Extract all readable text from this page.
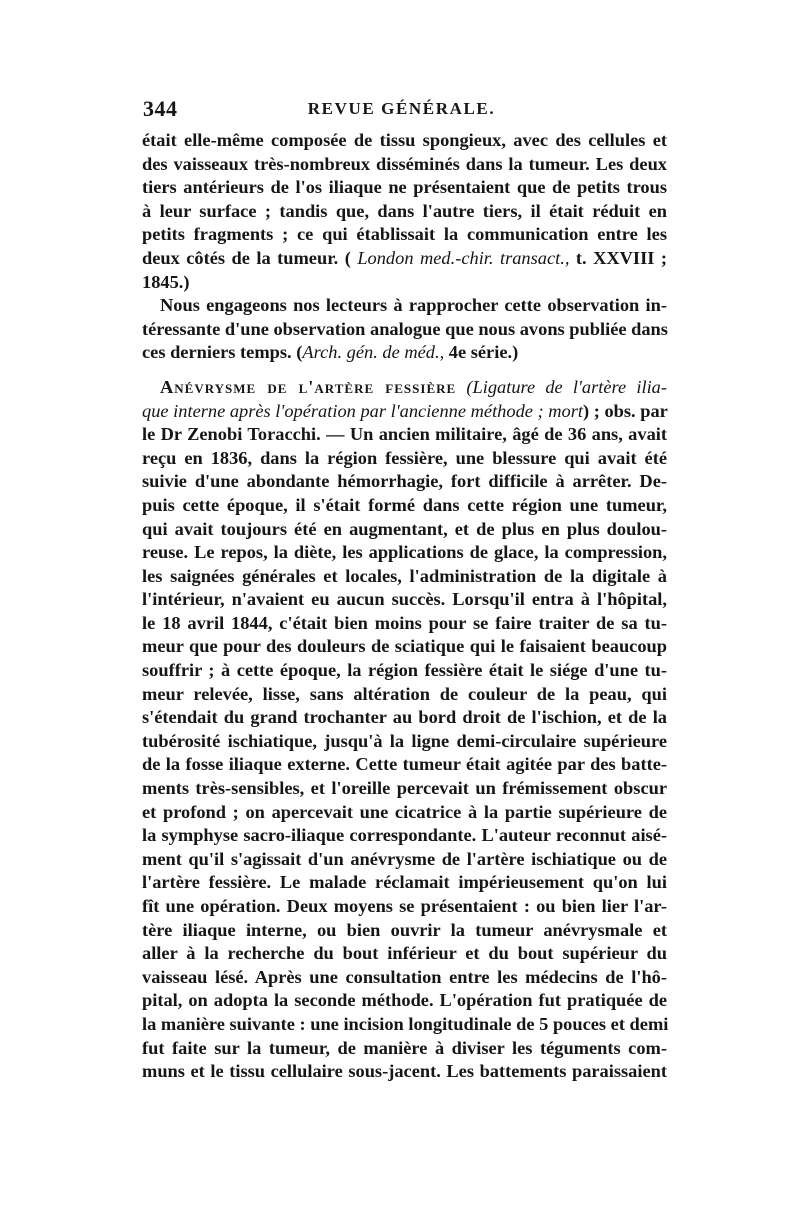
344	REVUE GÉNÉRALE.
était elle-même composée de tissu spongieux, avec des cellules et
des vaisseaux très-nombreux disséminés dans la tumeur. Les deux
tiers antérieurs de l'os iliaque ne présentaient que de petits trous
à leur surface ; tandis que, dans l'autre tiers, il était réduit en
petits fragments ; ce qui établissait la communication entre les
deux côtés de la tumeur. ( London med.-chir. transact., t. XXVIII ;
1845.)
Nous engageons nos lecteurs à rapprocher cette observation in-
téressante d'une observation analogue que nous avons publiée dans
ces derniers temps. (Arch. gén. de méd., 4e série.)
Anévrysme de l'artère fessière (Ligature de l'artère ilia-
que interne après l'opération par l'ancienne méthode ; mort) ; obs. par
le Dr Zenobi Toracchi. — Un ancien militaire, âgé de 36 ans, avait
reçu en 1836, dans la région fessière, une blessure qui avait été
suivie d'une abondante hémorrhagie, fort difficile à arrêter. De-
puis cette époque, il s'était formé dans cette région une tumeur,
qui avait toujours été en augmentant, et de plus en plus doulou-
reuse. Le repos, la diète, les applications de glace, la compression,
les saignées générales et locales, l'administration de la digitale à
l'intérieur, n'avaient eu aucun succès. Lorsqu'il entra à l'hôpital,
le 18 avril 1844, c'était bien moins pour se faire traiter de sa tu-
meur que pour des douleurs de sciatique qui le faisaient beaucoup
souffrir ; à cette époque, la région fessière était le siége d'une tu-
meur relevée, lisse, sans altération de couleur de la peau, qui
s'étendait du grand trochanter au bord droit de l'ischion, et de la
tubérosité ischiatique, jusqu'à la ligne demi-circulaire supérieure
de la fosse iliaque externe. Cette tumeur était agitée par des batte-
ments très-sensibles, et l'oreille percevait un frémissement obscur
et profond ; on apercevait une cicatrice à la partie supérieure de
la symphyse sacro-iliaque correspondante. L'auteur reconnut aisé-
ment qu'il s'agissait d'un anévrysme de l'artère ischiatique ou de
l'artère fessière. Le malade réclamait impérieusement qu'on lui
fît une opération. Deux moyens se présentaient : ou bien lier l'ar-
tère iliaque interne, ou bien ouvrir la tumeur anévrysmale et
aller à la recherche du bout inférieur et du bout supérieur du
vaisseau lésé. Après une consultation entre les médecins de l'hô-
pital, on adopta la seconde méthode. L'opération fut pratiquée de
la manière suivante : une incision longitudinale de 5 pouces et demi
fut faite sur la tumeur, de manière à diviser les téguments com-
muns et le tissu cellulaire sous-jacent. Les battements paraissaient
